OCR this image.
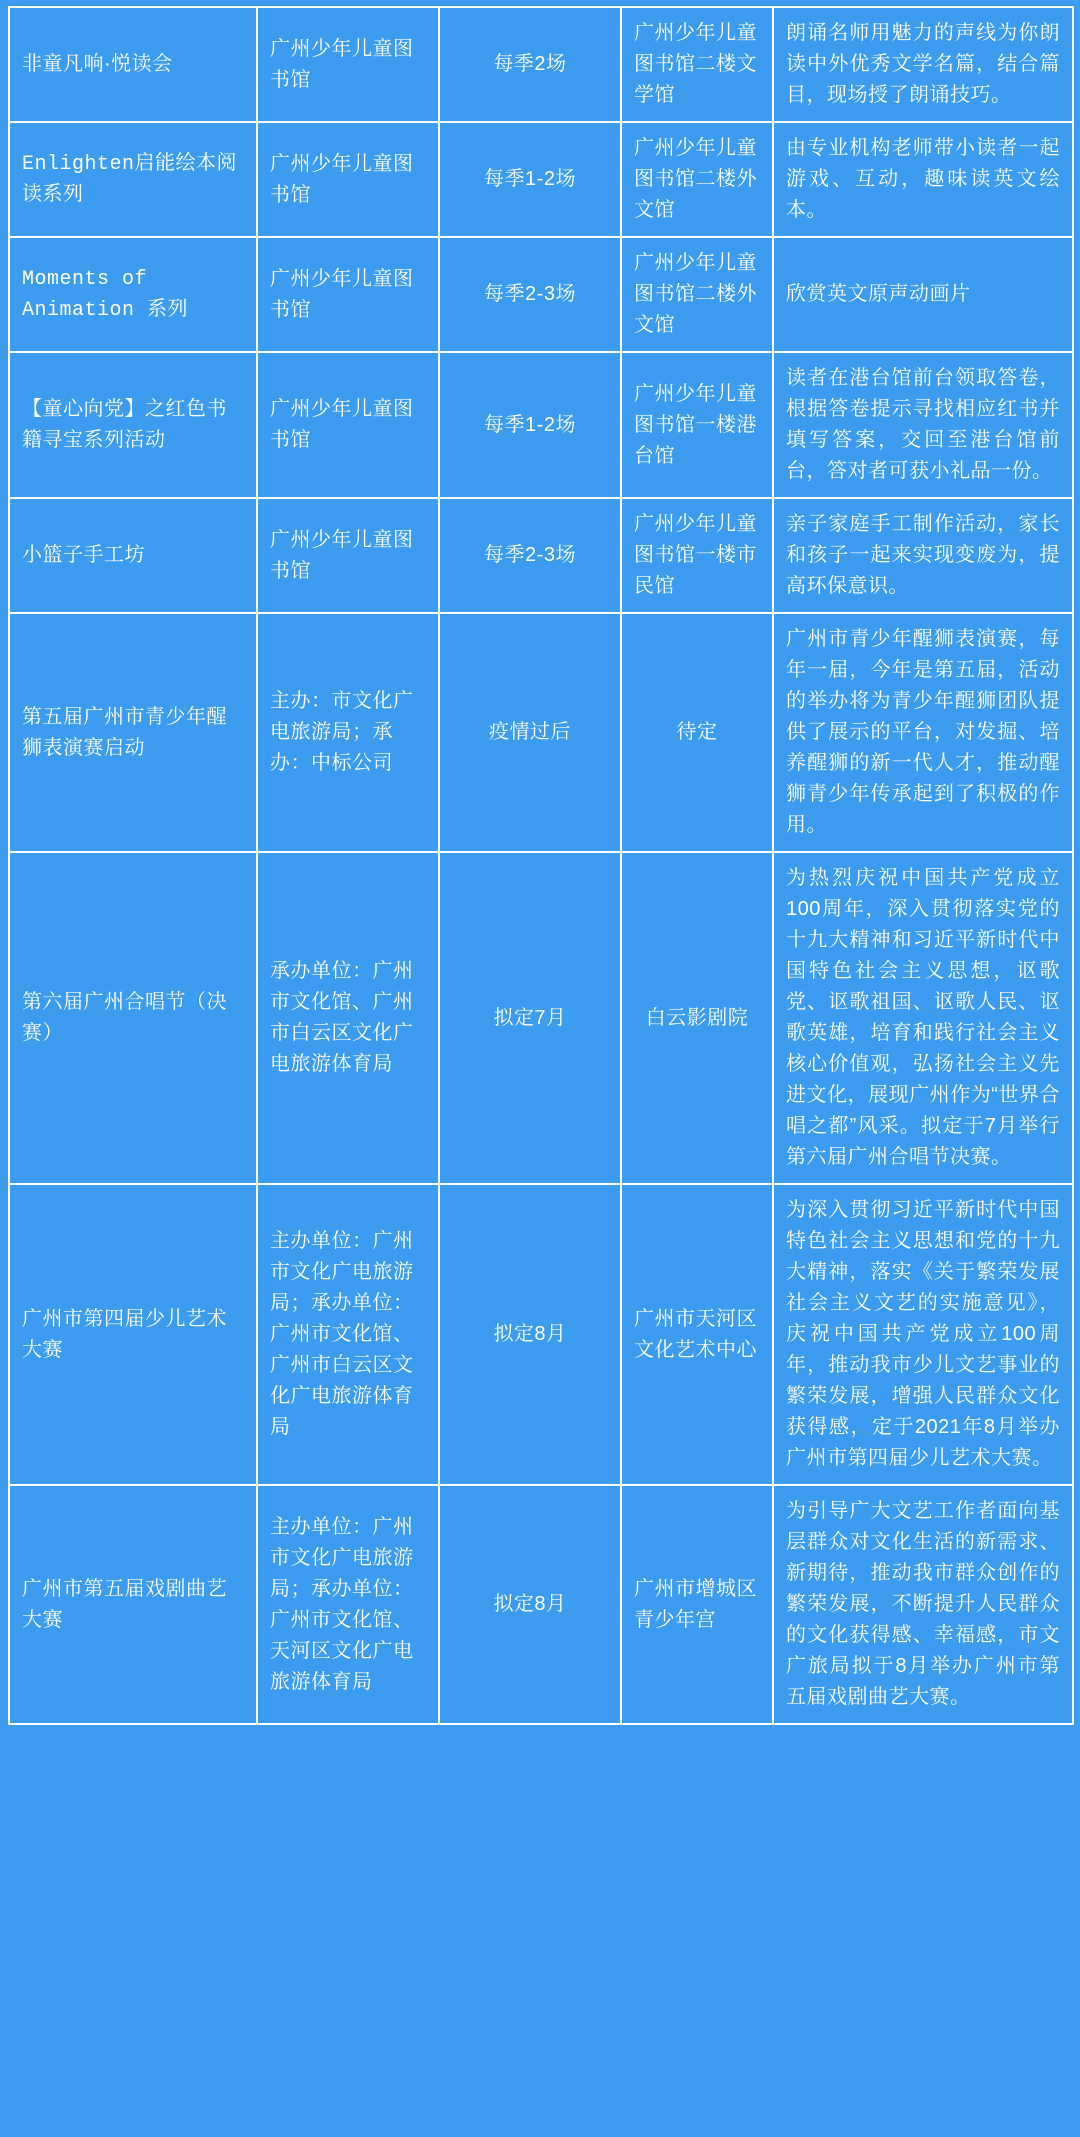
非童凡响·悦读会	广州少年儿童图书馆	每季2场	广州少年儿童图书馆二楼文学馆	朗诵名师用魅力的声线为你朗读中外优秀文学名篇，结合篇目，现场授了朗诵技巧。
Enlighten启能绘本阅读系列	广州少年儿童图书馆	每季1-2场	广州少年儿童图书馆二楼外文馆	由专业机构老师带小读者一起游戏、互动，趣味读英文绘本。
Moments of Animation 系列	广州少年儿童图书馆	每季2-3场	广州少年儿童图书馆二楼外文馆	欣赏英文原声动画片
【童心向党】之红色书籍寻宝系列活动	广州少年儿童图书馆	每季1-2场	广州少年儿童图书馆一楼港台馆	读者在港台馆前台领取答卷，根据答卷提示寻找相应红书并填写答案，交回至港台馆前台，答对者可获小礼品一份。
小篮子手工坊	广州少年儿童图书馆	每季2-3场	广州少年儿童图书馆一楼市民馆	亲子家庭手工制作活动，家长和孩子一起来实现变废为，提高环保意识。
第五届广州市青少年醒狮表演赛启动	主办：市文化广电旅游局；承办：中标公司	疫情过后	待定	广州市青少年醒狮表演赛，每年一届，今年是第五届，活动的举办将为青少年醒狮团队提供了展示的平台，对发掘、培养醒狮的新一代人才，推动醒狮青少年传承起到了积极的作用。
第六届广州合唱节（决赛）	承办单位：广州市文化馆、广州市白云区文化广电旅游体育局	拟定7月	白云影剧院	为热烈庆祝中国共产党成立100周年，深入贯彻落实党的十九大精神和习近平新时代中国特色社会主义思想，讴歌党、讴歌祖国、讴歌人民、讴歌英雄，培育和践行社会主义核心价值观，弘扬社会主义先进文化，展现广州作为“世界合唱之都”风采。拟定于7月举行第六届广州合唱节决赛。
广州市第四届少儿艺术大赛	主办单位：广州市文化广电旅游局；承办单位：广州市文化馆、广州市白云区文化广电旅游体育局	拟定8月	广州市天河区文化艺术中心	为深入贯彻习近平新时代中国特色社会主义思想和党的十九大精神，落实《关于繁荣发展社会主义文艺的实施意见》，庆祝中国共产党成立100周年，推动我市少儿文艺事业的繁荣发展，增强人民群众文化获得感，定于2021年8月举办广州市第四届少儿艺术大赛。
广州市第五届戏剧曲艺大赛	主办单位：广州市文化广电旅游局；承办单位：广州市文化馆、天河区文化广电旅游体育局	拟定8月	广州市增城区青少年宫	为引导广大文艺工作者面向基层群众对文化生活的新需求、新期待，推动我市群众创作的繁荣发展，不断提升人民群众的文化获得感、幸福感，市文广旅局拟于8月举办广州市第五届戏剧曲艺大赛。
